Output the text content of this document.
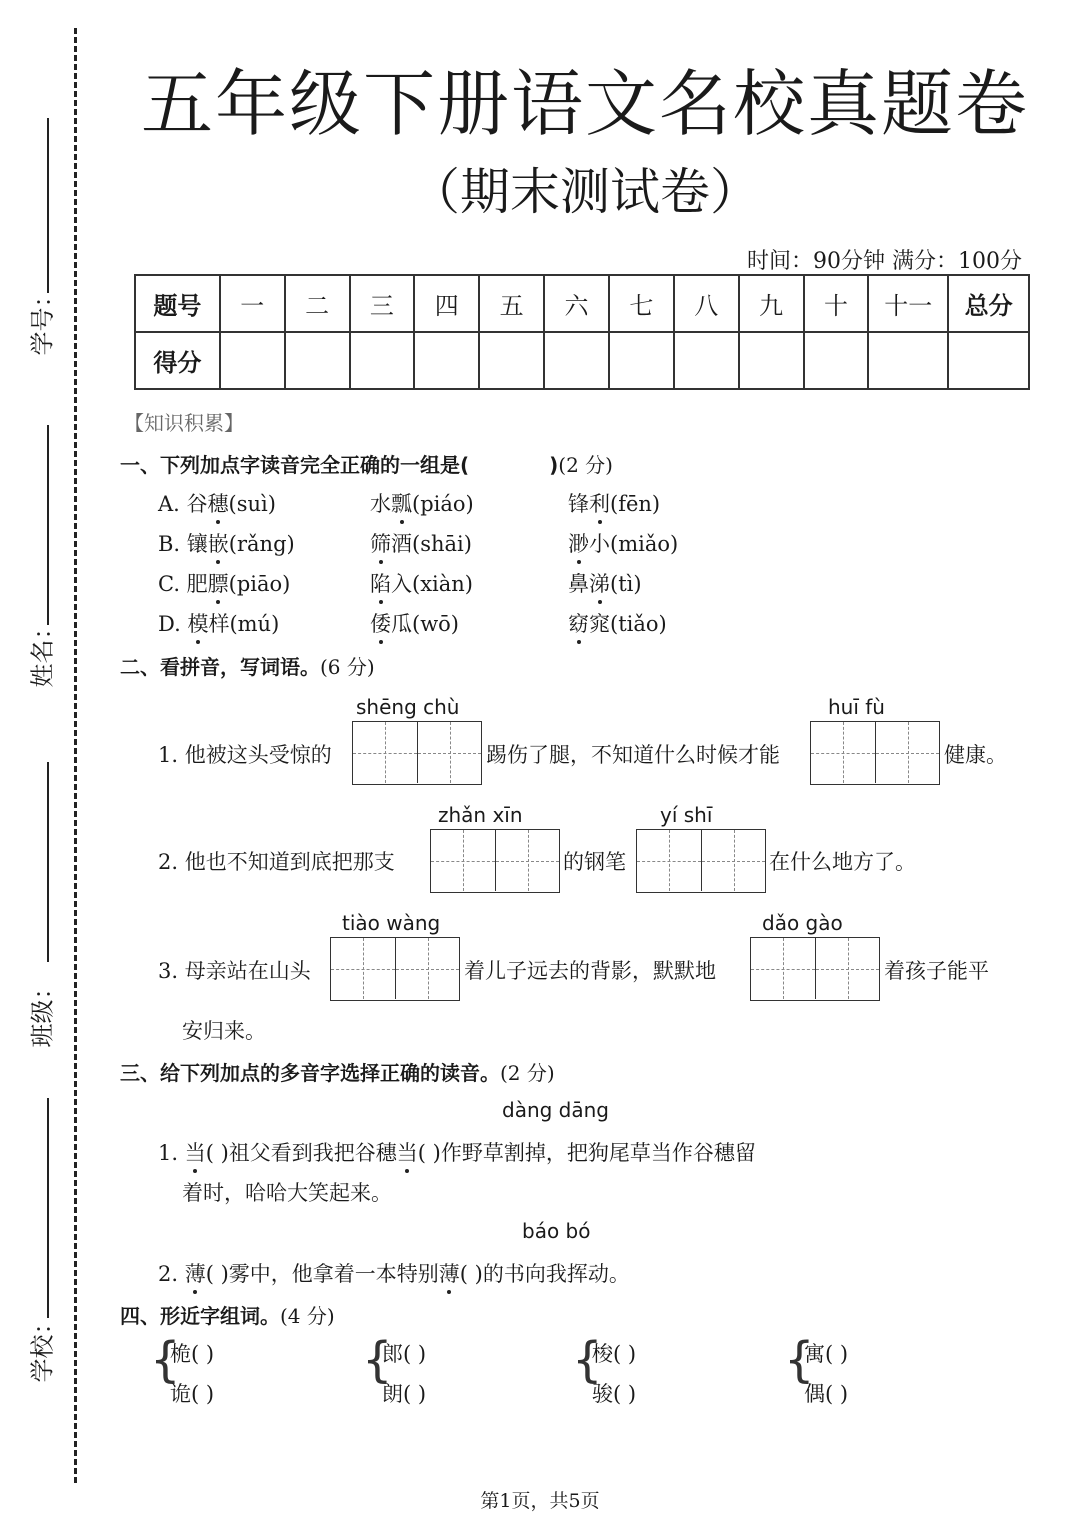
学号：
姓名：
班级：
学校：
五年级下册语文名校真题卷
（期末测试卷）
时间：90分钟 满分：100分
题号	一	二	三	四	五	六	七	八	九	十	十一	总分
得分												
【知识积累】
一、下列加点字读音完全正确的一组是(	)(2 分)
A. 谷穗(suì)	水瓢(piáo)	锋利(fēn)
B. 镶嵌(rǎng)	筛酒(shāi)	渺小(miǎo)
C. 肥膘(piāo)	陷入(xiàn)	鼻涕(tì)
D. 模样(mú)	倭瓜(wō)	窈窕(tiǎo)
二、看拼音，写词语。(6 分)
shēng chù
1. 他被这头受惊的	踢伤了腿，不知道什么时候才能
huī fù
健康。
zhǎn xīn
2. 他也不知道到底把那支	的钢笔
yí shī
在什么地方了。
tiào wàng
3. 母亲站在山头	着儿子远去的背影，默默地
dǎo gào
着孩子能平
安归来。
三、给下列加点的多音字选择正确的读音。(2 分)
dàng dāng
1. 当( )祖父看到我把谷穗当( )作野草割掉，把狗尾草当作谷穗留
着时，哈哈大笑起来。
báo bó
2. 薄( )雾中，他拿着一本特别薄( )的书向我挥动。
四、形近字组词。(4 分)
{
桅( )
诡( )
{
郎( )
朗( )
{
梭( )
骏( )
{
寓( )
偶( )
第1页，共5页
